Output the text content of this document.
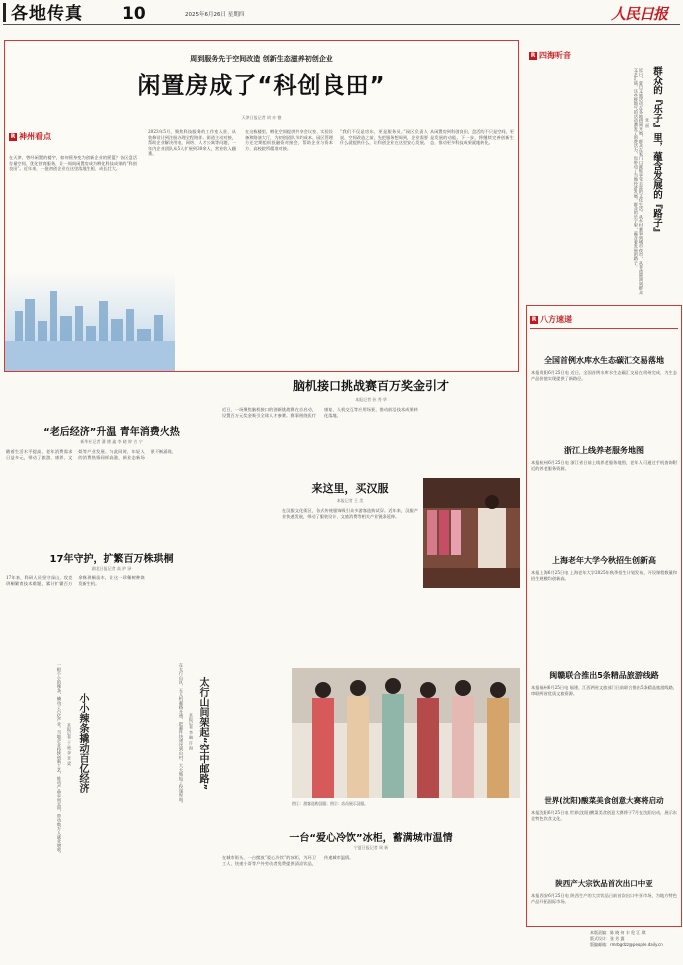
各地传真 10	2025年6月26日 星期四	人民日报
周到服务先于空间改造 创新生态滋养初创企业
闲置房成了“科创良田”
天津日报记者 胡 亦 德
R 神州看点
在天津，曾经闲置的楼宇，如何摇身变为创新企业的摇篮？各区盘活存量空间、优化营商服务，让一间间闲置房成为孵化科技成果的“科创良田”。近年来，一批初创企业在这里落地生根、成长壮大。
2023年5月，聚焦科技服务的工作室入驻，从装修设计到注册办理全程陪伴。街道主动对接，帮助企业解决用电、网络、人才公寓等问题，一年内企业团队从5人扩展到30余人，营业收入翻番。
在这栋楼里，孵化空间提供共享会议室、实验设备和路演大厅，为初创团队节约成本。园区管理方还定期组织投融资对接会，帮助企业与资本方、高校院所精准对接。
“我们不仅是房东，更是服务员。”园区负责人说，空间改造之前，先把服务想周到，企业需要什么就提供什么，让科创企业在这里安心发展。
从闲置房到科创良田，盘活的不只是空间，更是发展的动能。下一步，将继续完善创新生态，推动更多科技成果就地转化。
R 四海听音
近日，夏日文旅活动在各地热闹开展，群众在家门口就能享受丰富的文化生活。从乡村赛事到城市夜市，从非遗展演到群众文艺汇演，这些接地气的活动激发了消费活力，也带动了当地经济发展。群众的乐子里，蕴含着发展的路子。	群众的『乐子』里，蕴含发展的『路子』
张 丽
R 八方速递
全国首例水库水生态碳汇交易落地
本报贵阳6月25日电 近日，全国首例水库水生态碳汇交易在贵州完成，为生态产品价值实现提供了新路径。
浙江上线养老服务地图
本报杭州6月25日电 浙江省日前上线养老服务地图，老年人可通过手机查询附近的养老服务资源。
上海老年大学今秋招生创新高
本报上海6月25日电 上海老年大学2025年秋季招生计划发布，开设课程数量和招生规模均创新高。
闽赣联合推出5条精品旅游线路
本报福州6月25日电 福建、江西两省文旅部门日前联合推出5条精品旅游线路，串联两省优质文旅资源。
世界(沈阳)酸菜美食创意大赛将启动
本报沈阳6月25日电 世界(沈阳)酸菜美食创意大赛将于7月在沈阳启动，展示东北特色饮食文化。
陕西产大宗饮品首次出口中亚
本报西安6月25日电 陕西生产的大宗饮品日前首次出口中亚市场，为地方特色产品开拓国际市场。
脑机接口挑战赛百万奖金引才
本报记者 孙 秀 华
近日，一场聚焦脑机接口的创新挑战赛在京启动，设置百万元奖金吸引全球人才参赛。赛事围绕医疗康复、人机交互等应用场景，推动前沿技术成果转化落地。
来这里，买汉服
本报记者 王 美
在汉服文化街区，各式传统服饰吸引众多游客选购试穿。近年来，汉服产业快速发展，带动了服装设计、文旅消费等相关产业链条延伸。
图①：游客选购汉服；图②：店员展示汉服。
“老后经济”升温 青年消费火热
新华社记者 潘 德 鑫 李 晓 婷 吉 宁
随着生活水平提高，老年消费需求日益多元，带动了旅游、康养、文娱等产业发展。与此同时，年轻人的消费热情同样高涨，新业态新场景不断涌现。
17年守护，扩繁百万株珙桐
湖北日报记者 高 护 泽
17年来，科研人员坚守深山，攻克珙桐繁育技术难题，累计扩繁百万余株珙桐苗木，让这一珍稀树种焕发新生机。
一根小小的辣条，撬动了百亿产业。当地企业持续创新工艺，推动产品走向全国，带动数万人就业增收。 小小辣条撬动百亿经济
本报记者 于 逊 李 亚 梁	太行山间架起“空中邮路”
本报记者 李 琳 许 海
在太行山区，无人机邮路开通，把邮件快递送到山村，大大缩短了投递时间。
一台“爱心冷饮”冰柜，蓄满城市温情
宁夏日报记者 周 新
在城市街头，一台摆放“爱心冷饮”的冰柜，为环卫工人、快递小哥等户外劳动者免费提供清凉饮品，传递城市温情。
本版责编：陈 晓 何 丰 伦 江 琪
版式设计：张 芳 露
版编邮箱：rmrbgdzz@people.daily.cn
